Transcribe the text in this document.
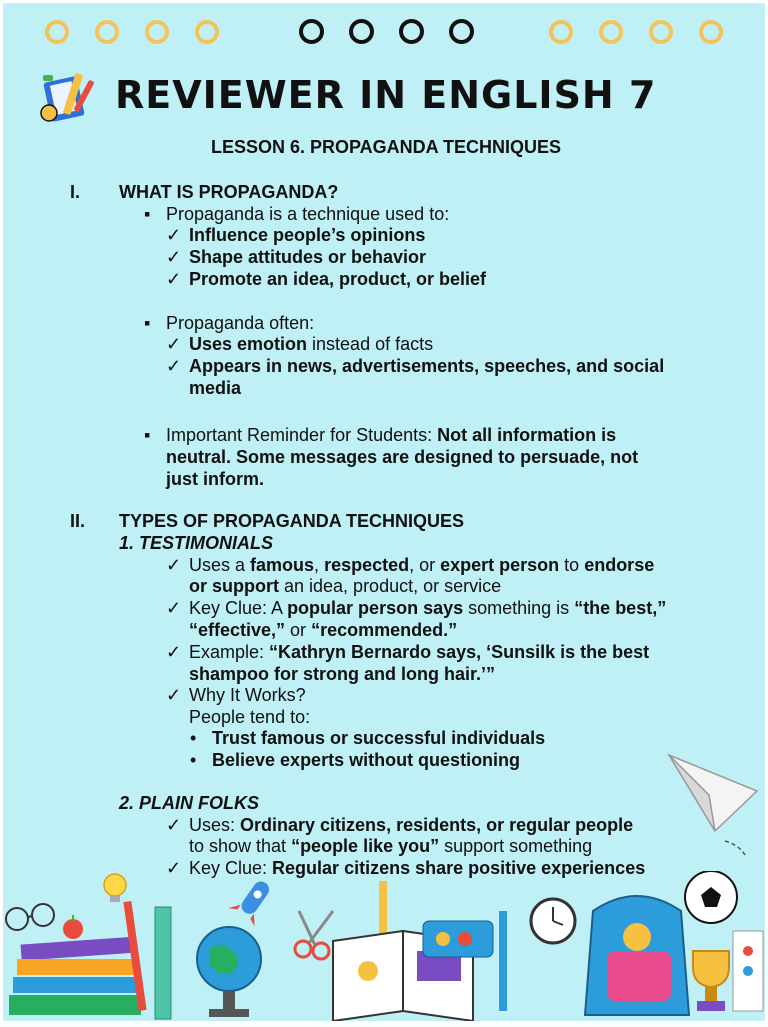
REVIEWER IN ENGLISH 7
LESSON 6. PROPAGANDA TECHNIQUES
I. WHAT IS PROPAGANDA?
▪ Propaganda is a technique used to:
✓ Influence people’s opinions
✓ Shape attitudes or behavior
✓ Promote an idea, product, or belief
▪ Propaganda often:
✓ Uses emotion instead of facts
✓ Appears in news, advertisements, speeches, and social
media
▪ Important Reminder for Students: Not all information is
neutral. Some messages are designed to persuade, not
just inform.
II. TYPES OF PROPAGANDA TECHNIQUES
1. TESTIMONIALS
✓ Uses a famous, respected, or expert person to endorse
or support an idea, product, or service
✓ Key Clue: A popular person says something is “the best,”
“effective,” or “recommended.”
✓ Example: “Kathryn Bernardo says, ‘Sunsilk is the best
shampoo for strong and long hair.’”
✓ Why It Works?
People tend to:
• Trust famous or successful individuals
• Believe experts without questioning
2. PLAIN FOLKS
✓ Uses: Ordinary citizens, residents, or regular people
to show that “people like you” support something
✓ Key Clue: Regular citizens share positive experiences
